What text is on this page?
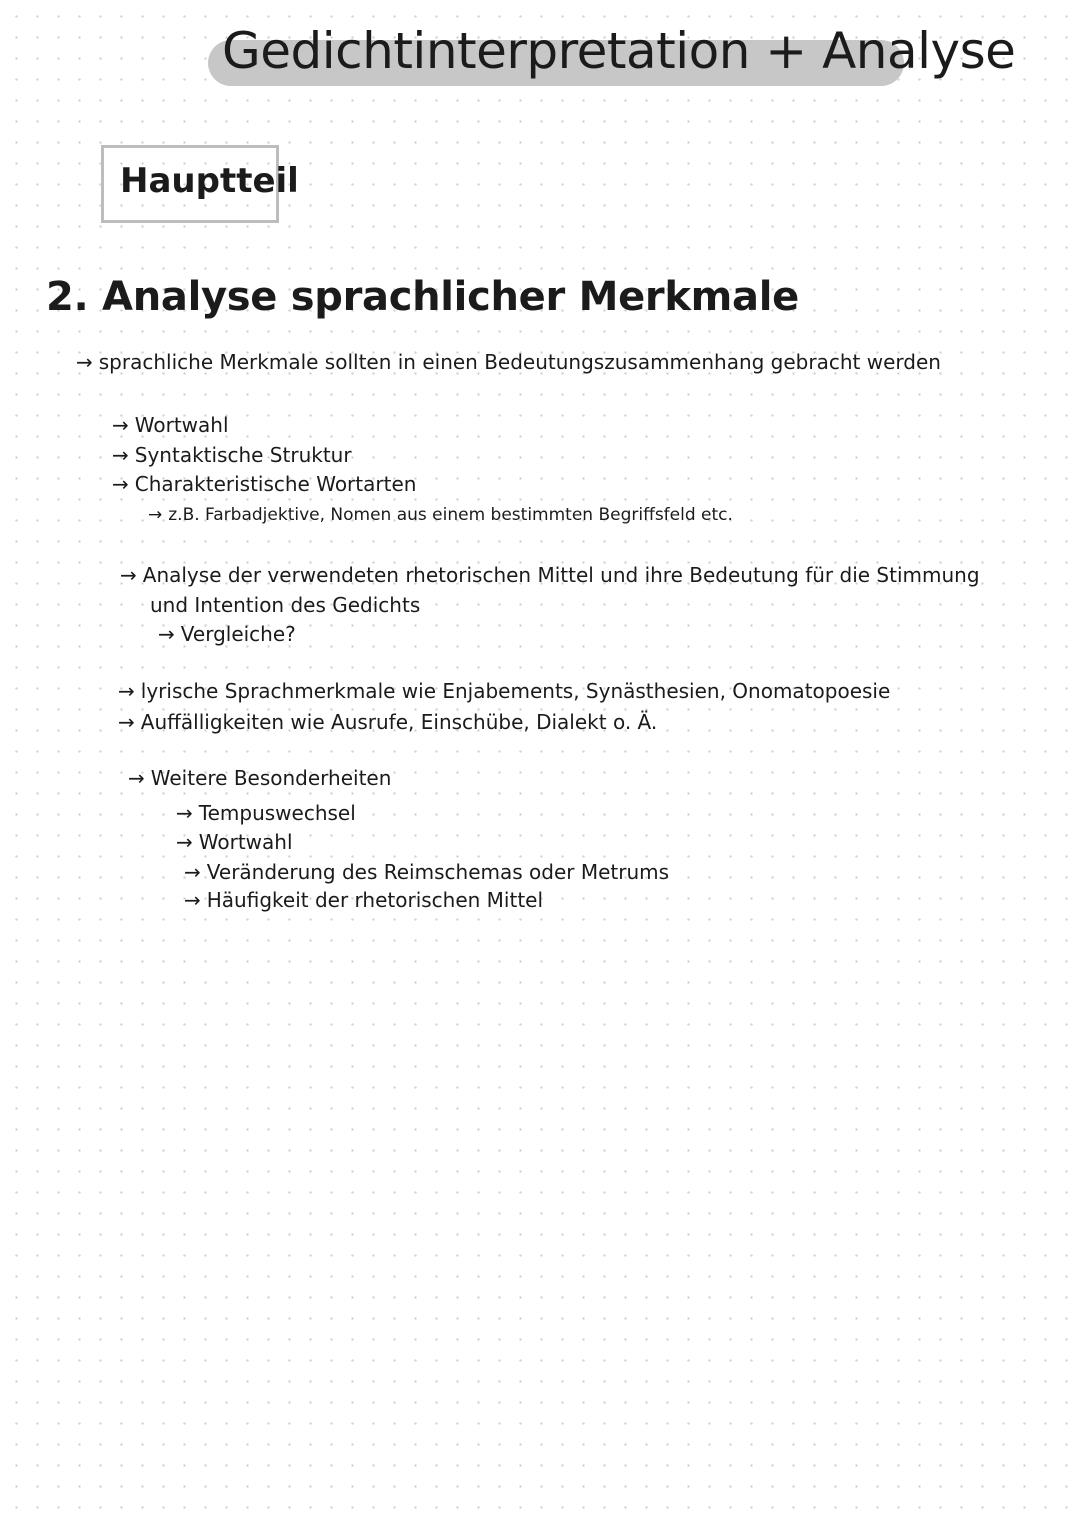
Gedichtinterpretation + Analyse
Hauptteil
2. Analyse sprachlicher Merkmale
→ sprachliche Merkmale sollten in einen Bedeutungszusammenhang gebracht werden
→ Wortwahl
→ Syntaktische Struktur
→ Charakteristische Wortarten
→ z.B. Farbadjektive, Nomen aus einem bestimmten Begriffsfeld etc.
→ Analyse der verwendeten rhetorischen Mittel und ihre Bedeutung für die Stimmung
und Intention des Gedichts
→ Vergleiche?
→ lyrische Sprachmerkmale wie Enjabements, Synästhesien, Onomatopoesie
→ Auffälligkeiten wie Ausrufe, Einschübe, Dialekt o. Ä.
→ Weitere Besonderheiten
→ Tempuswechsel
→ Wortwahl
→ Veränderung des Reimschemas oder Metrums
→ Häufigkeit der rhetorischen Mittel
